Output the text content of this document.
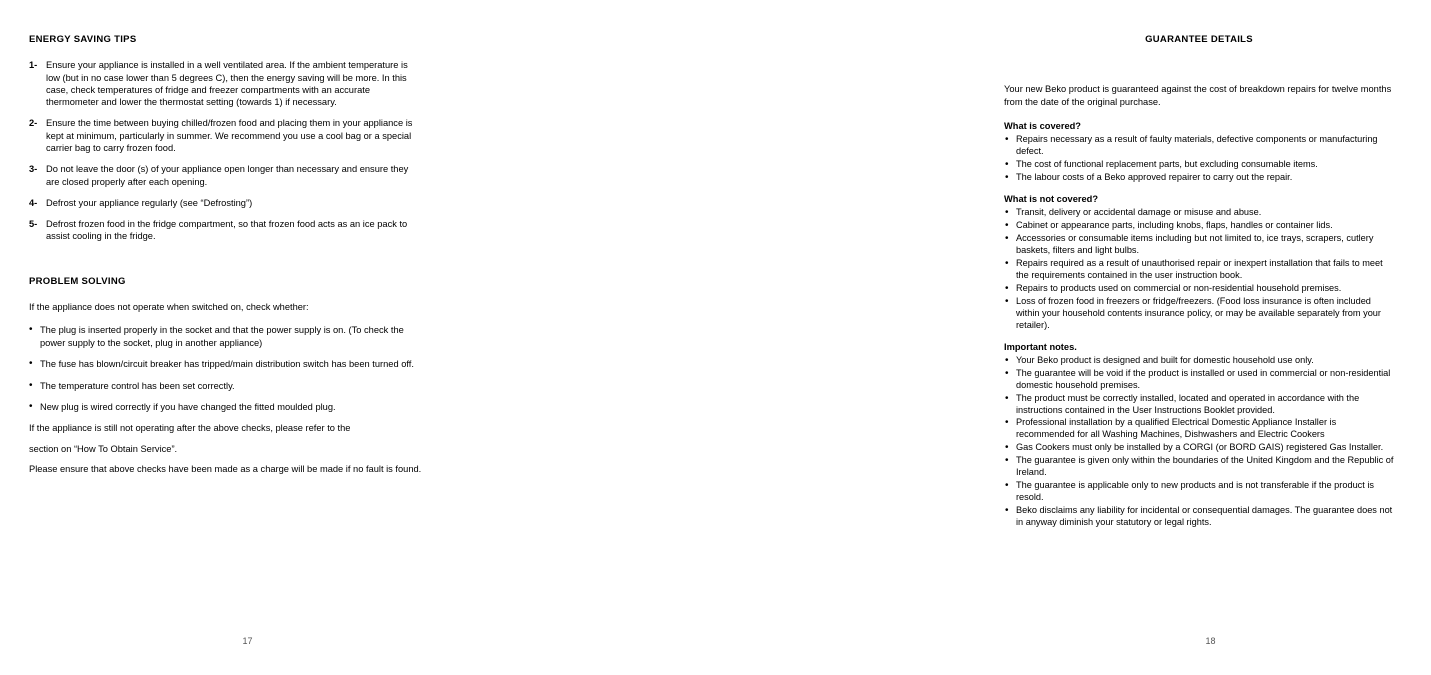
ENERGY SAVING TIPS
1- Ensure your appliance is installed in a well ventilated area. If the ambient temperature is low (but in no case lower than 5 degrees C), then the energy saving will be more. In this case, check temperatures of fridge and freezer compartments with an accurate thermometer and lower the thermostat setting (towards 1) if necessary.
2- Ensure the time between buying chilled/frozen food and placing them in your appliance is kept at minimum, particularly in summer. We recommend you use a cool bag or a special carrier bag to carry frozen food.
3- Do not leave the door (s) of your appliance open longer than necessary and ensure they are closed properly after each opening.
4- Defrost your appliance regularly (see “Defrosting”)
5- Defrost frozen food in the fridge compartment, so that frozen food acts as an ice pack to assist cooling in the fridge.
PROBLEM SOLVING

If the appliance does not operate when switched on, check whether:

• The plug is inserted properly in the socket and that the power supply is on. (To check the power supply to the socket, plug in another appliance)
• The fuse has blown/circuit breaker has tripped/main distribution switch has been turned off.
• The temperature control has been set correctly.
• New plug is wired correctly if you have changed the fitted moulded plug.

If the appliance is still not operating after the above checks, please refer to the

section on “How To Obtain Service”.

Please ensure that above checks have been made as a charge will be made if no fault is found.

17
GUARANTEE DETAILS

Your new Beko product is guaranteed against the cost of breakdown repairs for twelve months from the date of the original purchase.

What is covered?
• Repairs necessary as a result of faulty materials, defective components or manufacturing defect.
• The cost of functional replacement parts, but excluding consumable items.
• The labour costs of a Beko approved repairer to carry out the repair.
What is not covered?
• Transit, delivery or accidental damage or misuse and abuse.
• Cabinet or appearance parts, including knobs, flaps, handles or container lids.
• Accessories or consumable items including but not limited to, ice trays, scrapers, cutlery baskets, filters and light bulbs.
• Repairs required as a result of unauthorised repair or inexpert installation that fails to meet the requirements contained in the user instruction book.
• Repairs to products used on commercial or non-residential household premises.
• Loss of frozen food in freezers or fridge/freezers. (Food loss insurance is often included within your household contents insurance policy, or may be available separately from your retailer).
Important notes.
• Your Beko product is designed and built for domestic household use only.
• The guarantee will be void if the product is installed or used in commercial or non-residential domestic household premises.
• The product must be correctly installed, located and operated in accordance with the instructions contained in the User Instructions Booklet provided.
• Professional installation by a qualified Electrical Domestic Appliance Installer is recommended for all Washing Machines, Dishwashers and Electric Cookers
• Gas Cookers must only be installed by a CORGI (or BORD GAIS) registered Gas Installer.
• The guarantee is given only within the boundaries of the United Kingdom and the Republic of Ireland.
• The guarantee is applicable only to new products and is not transferable if the product is resold.
• Beko disclaims any liability for incidental or consequential damages. The guarantee does not in anyway diminish your statutory or legal rights.
18
